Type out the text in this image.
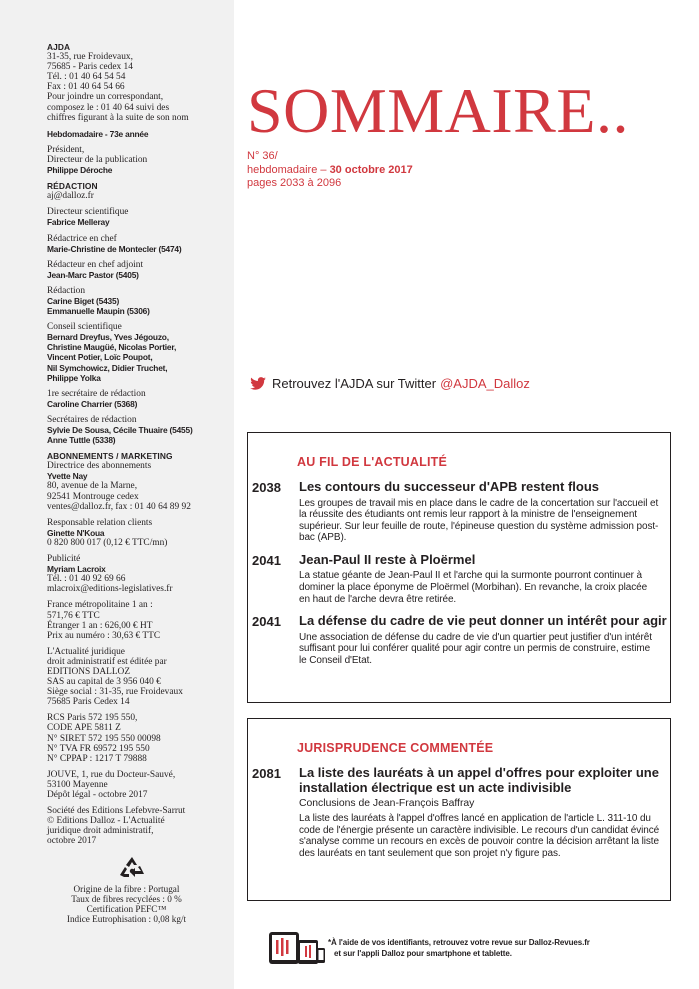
AJDA
31-35, rue Froidevaux,
75685 - Paris cedex 14
Tél. : 01 40 64 54 54
Fax : 01 40 64 54 66
Pour joindre un correspondant,
composez le : 01 40 64 suivi des
chiffres figurant à la suite de son nom
Hebdomadaire - 73e année
Président,
Directeur de la publication
Philippe Déroche
RÉDACTION
aj@dalloz.fr
Directeur scientifique
Fabrice Melleray
Rédactrice en chef
Marie-Christine de Montecler (5474)
Rédacteur en chef adjoint
Jean-Marc Pastor (5405)
Rédaction
Carine Biget (5435)
Emmanuelle Maupin (5306)
Conseil scientifique
Bernard Dreyfus, Yves Jégouzo,
Christine Maugüé, Nicolas Portier,
Vincent Potier, Loïc Poupot,
Nil Symchowicz, Didier Truchet,
Philippe Yolka
1re secrétaire de rédaction
Caroline Charrier (5368)
Secrétaires de rédaction
Sylvie De Sousa, Cécile Thuaire (5455)
Anne Tuttle (5338)
ABONNEMENTS / MARKETING
Directrice des abonnements
Yvette Nay
80, avenue de la Marne,
92541 Montrouge cedex
ventes@dalloz.fr, fax : 01 40 64 89 92
Responsable relation clients
Ginette N'Koua
0 820 800 017 (0,12 € TTC/mn)
Publicité
Myriam Lacroix
Tél. : 01 40 92 69 66
mlacroix@editions-legislatives.fr
France métropolitaine 1 an :
571,76 € TTC
Étranger 1 an : 626,00 € HT
Prix au numéro : 30,63 € TTC
L'Actualité juridique
droit administratif est éditée par
EDITIONS DALLOZ
SAS au capital de 3 956 040 €
Siège social : 31-35, rue Froidevaux
75685 Paris Cedex 14
RCS Paris 572 195 550,
CODE APE 5811 Z
N° SIRET 572 195 550 00098
N° TVA FR 69572 195 550
N° CPPAP : 1217 T 79888
JOUVE, 1, rue du Docteur-Sauvé,
53100 Mayenne
Dépôt légal - octobre 2017
Société des Editions Lefebvre-Sarrut
© Editions Dalloz - L'Actualité
juridique droit administratif,
octobre 2017
Origine de la fibre : Portugal
Taux de fibres recyclées : 0 %
Certification PEFC™
Indice Eutrophisation : 0,08 kg/t
SOMMAIRE..
N° 36/
hebdomadaire – 30 octobre 2017
pages 2033 à 2096
Retrouvez l'AJDA sur Twitter @AJDA_Dalloz
AU FIL DE L'ACTUALITÉ
2038 Les contours du successeur d'APB restent flous
Les groupes de travail mis en place dans le cadre de la concertation sur l'accueil et la réussite des étudiants ont remis leur rapport à la ministre de l'enseignement supérieur. Sur leur feuille de route, l'épineuse question du système admission post-bac (APB).
2041 Jean-Paul II reste à Ploërmel
La statue géante de Jean-Paul II et l'arche qui la surmonte pourront continuer à dominer la place éponyme de Ploërmel (Morbihan). En revanche, la croix placée en haut de l'arche devra être retirée.
2041 La défense du cadre de vie peut donner un intérêt pour agir
Une association de défense du cadre de vie d'un quartier peut justifier d'un intérêt suffisant pour lui conférer qualité pour agir contre un permis de construire, estime le Conseil d'Etat.
JURISPRUDENCE COMMENTÉE
2081 La liste des lauréats à un appel d'offres pour exploiter une installation électrique est un acte indivisible
Conclusions de Jean-François Baffray
La liste des lauréats à l'appel d'offres lancé en application de l'article L. 311-10 du code de l'énergie présente un caractère indivisible. Le recours d'un candidat évincé s'analyse comme un recours en excès de pouvoir contre la décision arrêtant la liste des lauréats en tant seulement que son projet n'y figure pas.
*À l'aide de vos identifiants, retrouvez votre revue sur Dalloz-Revues.fr
et sur l'appli Dalloz pour smartphone et tablette.
